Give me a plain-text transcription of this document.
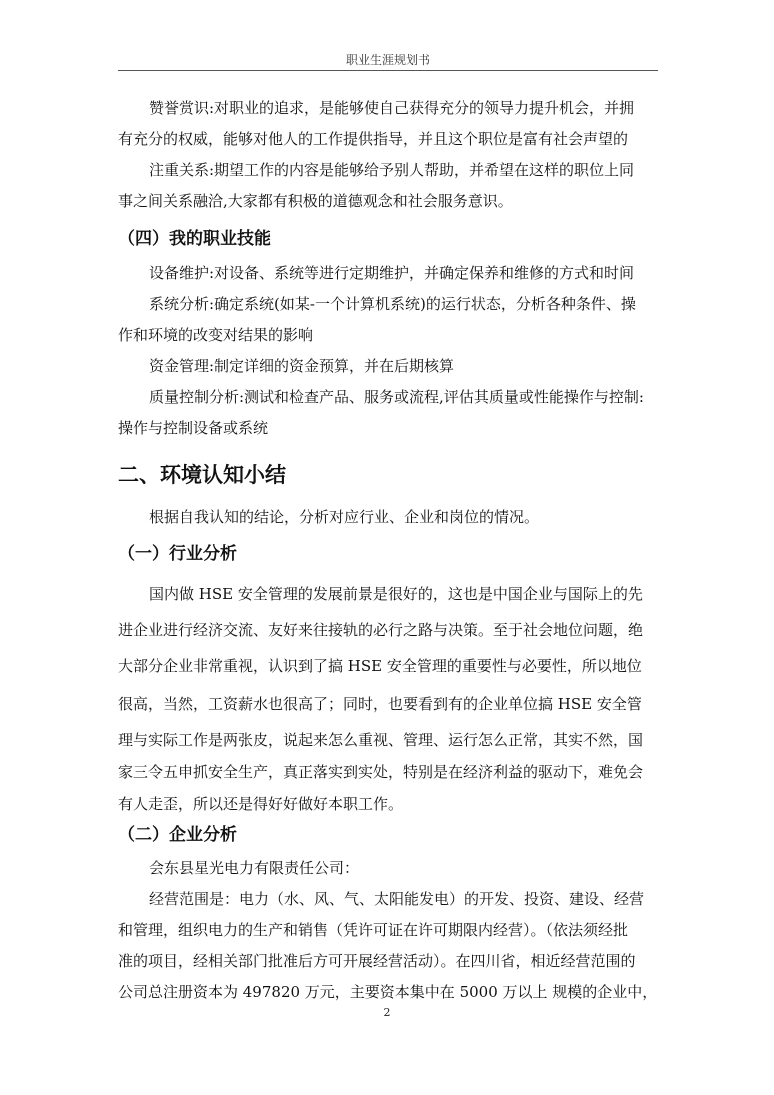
职业生涯规划书
赞誉赏识:对职业的追求，是能够使自己获得充分的领导力提升机会，并拥
有充分的权威，能够对他人的工作提供指导，并且这个职位是富有社会声望的
注重关系:期望工作的内容是能够给予别人帮助，并希望在这样的职位上同
事之间关系融洽,大家都有积极的道德观念和社会服务意识。
（四）我的职业技能
设备维护:对设备、系统等进行定期维护，并确定保养和维修的方式和时间
系统分析:确定系统(如某-一个计算机系统)的运行状态，分析各种条件、操
作和环境的改变对结果的影响
资金管理:制定详细的资金预算，并在后期核算
质量控制分析:测试和检查产品、服务或流程,评估其质量或性能操作与控制:
操作与控制设备或系统
二、环境认知小结
根据自我认知的结论，分析对应行业、企业和岗位的情况。
（一）行业分析
国内做 HSE 安全管理的发展前景是很好的，这也是中国企业与国际上的先
进企业进行经济交流、友好来往接轨的必行之路与决策。至于社会地位问题，绝
大部分企业非常重视，认识到了搞 HSE 安全管理的重要性与必要性，所以地位
很高，当然，工资薪水也很高了；同时，也要看到有的企业单位搞 HSE 安全管
理与实际工作是两张皮，说起来怎么重视、管理、运行怎么正常，其实不然，国
家三令五申抓安全生产，真正落实到实处，特别是在经济利益的驱动下，难免会
有人走歪，所以还是得好好做好本职工作。
（二）企业分析
会东县星光电力有限责任公司：
经营范围是：电力（水、风、气、太阳能发电）的开发、投资、建设、经营
和管理，组织电力的生产和销售（凭许可证在许可期限内经营）。（依法须经批
准的项目，经相关部门批准后方可开展经营活动）。在四川省，相近经营范围的
公司总注册资本为 497820 万元，主要资本集中在 5000 万以上 规模的企业中，
2
